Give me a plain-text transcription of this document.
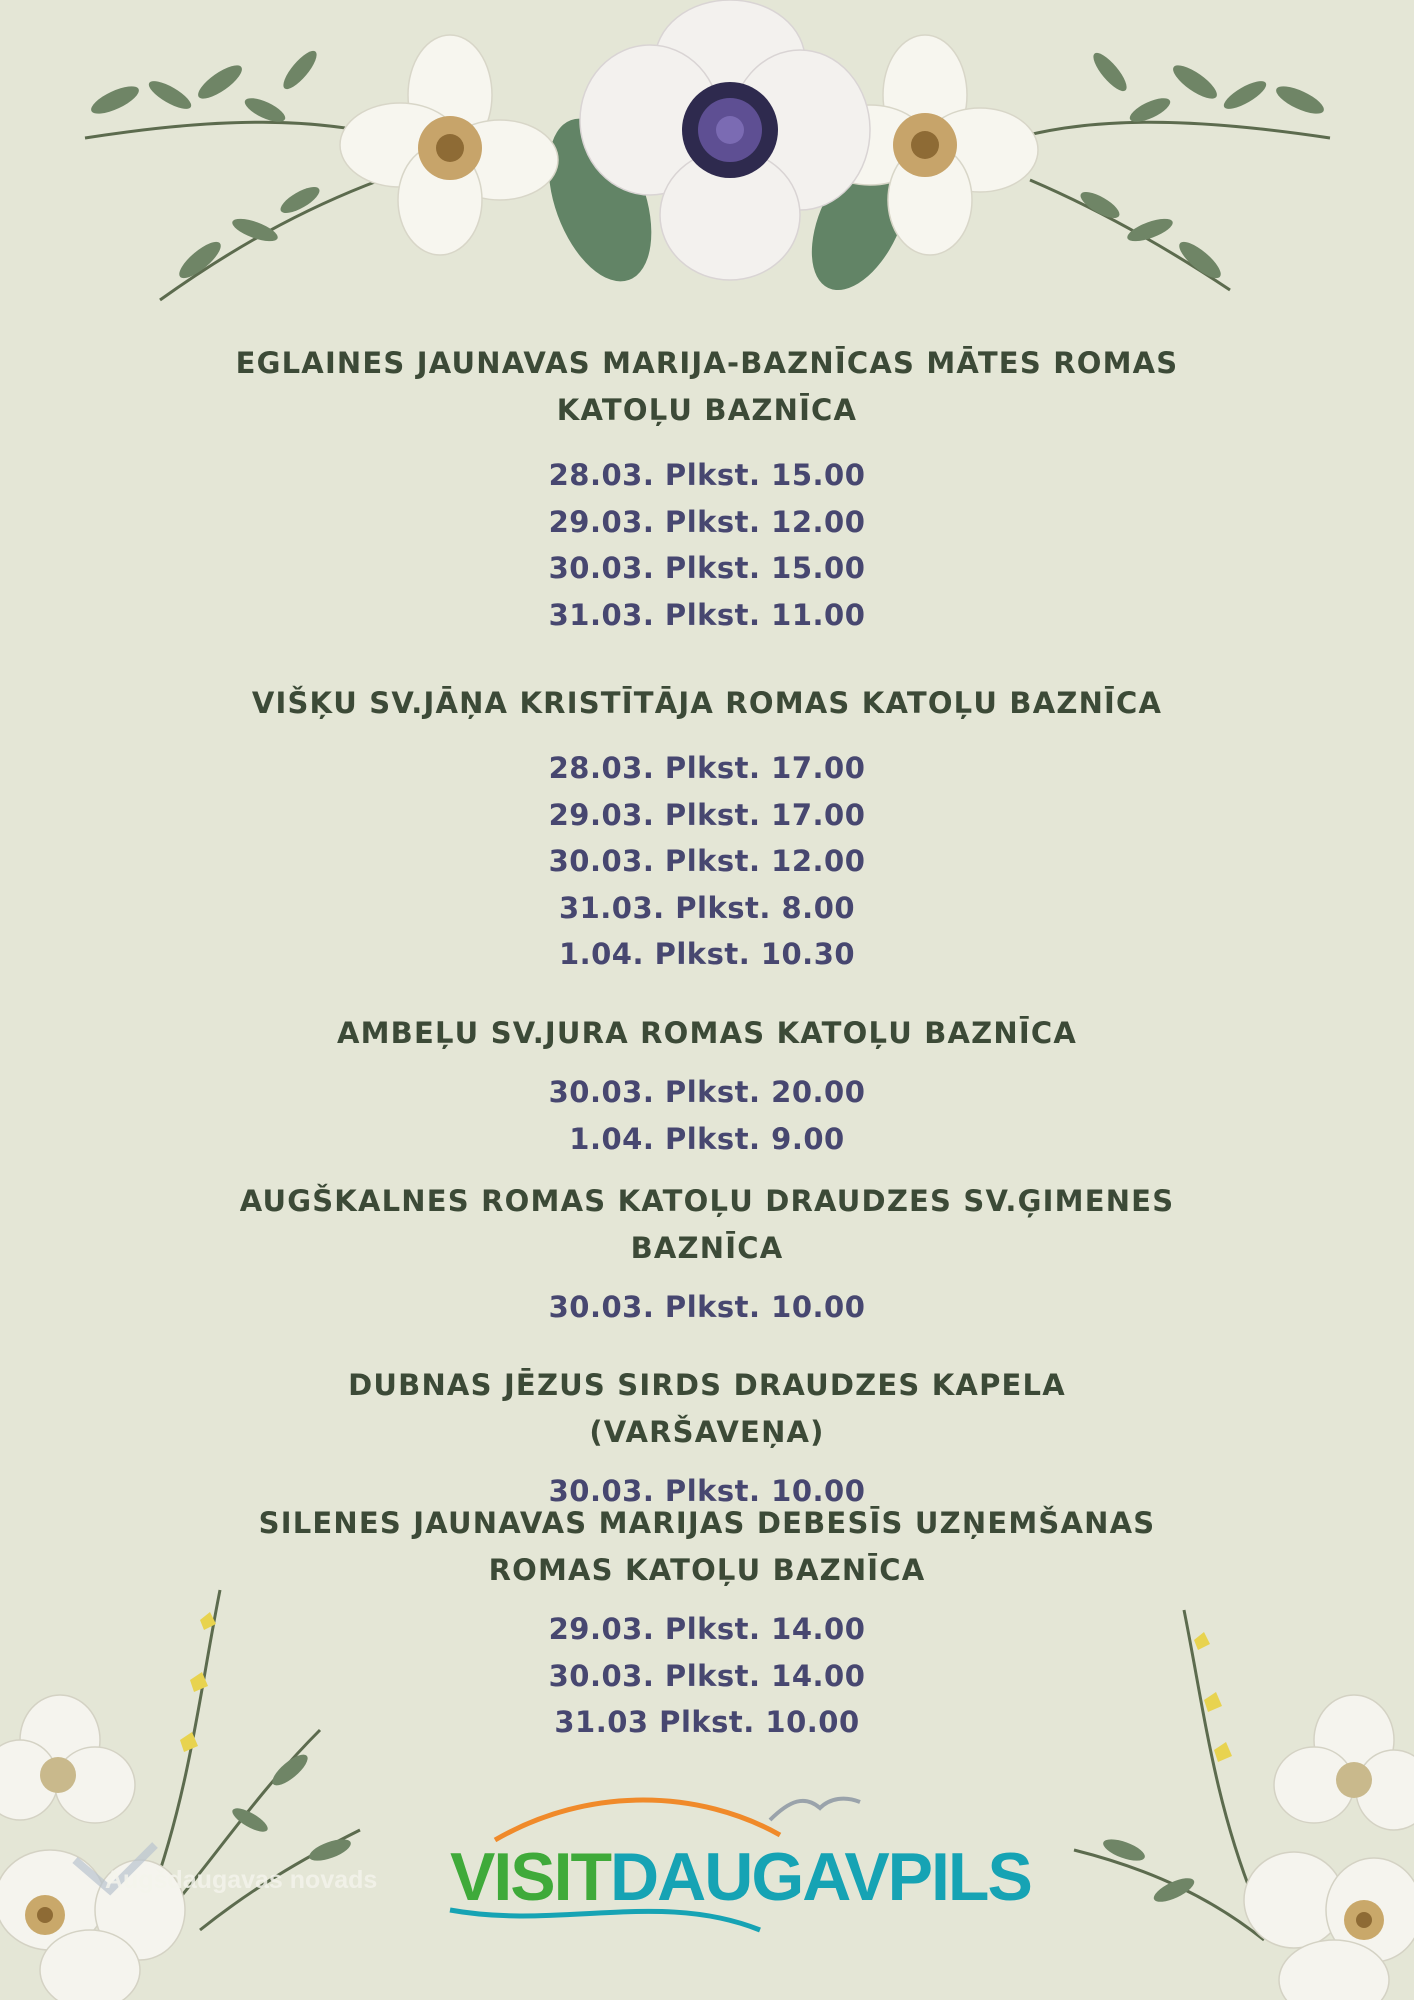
EGLAINES JAUNAVAS MARIJA-BAZNĪCAS MĀTES ROMAS KATOĻU BAZNĪCA
28.03. Plkst. 15.00
29.03. Plkst. 12.00
30.03. Plkst. 15.00
31.03. Plkst. 11.00
VIŠĶU SV.JĀŅA KRISTĪTĀJA ROMAS KATOĻU BAZNĪCA
28.03. Plkst. 17.00
29.03. Plkst. 17.00
30.03. Plkst. 12.00
31.03. Plkst. 8.00
1.04. Plkst. 10.30
AMBEĻU SV.JURA ROMAS KATOĻU BAZNĪCA
30.03. Plkst. 20.00
1.04. Plkst. 9.00
AUGŠKALNES ROMAS KATOĻU DRAUDZES SV.ĢIMENES BAZNĪCA
30.03. Plkst. 10.00
DUBNAS JĒZUS SIRDS DRAUDZES KAPELA (VARŠAVEŅA)
30.03. Plkst. 10.00
SILENES JAUNAVAS MARIJAS DEBESĪS UZŅEMŠANAS ROMAS KATOĻU BAZNĪCA
29.03. Plkst. 14.00
30.03. Plkst. 14.00
31.03 Plkst. 10.00
Augšdaugavas novads VISITDAUGAVPILS
